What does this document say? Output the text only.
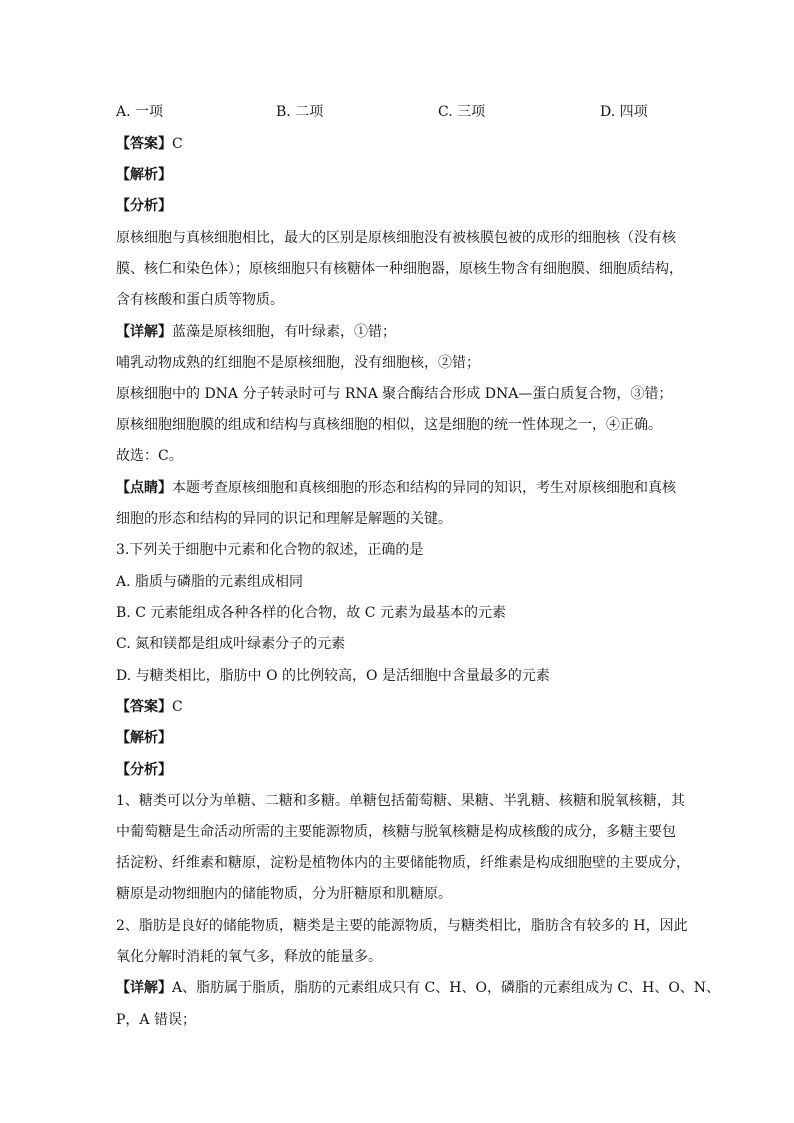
A. 一项	B. 二项	C. 三项	D. 四项
【答案】C
【解析】
【分析】
原核细胞与真核细胞相比，最大的区别是原核细胞没有被核膜包被的成形的细胞核（没有核
膜、核仁和染色体）；原核细胞只有核糖体一种细胞器，原核生物含有细胞膜、细胞质结构，
含有核酸和蛋白质等物质。
【详解】蓝藻是原核细胞，有叶绿素，①错；
哺乳动物成熟的红细胞不是原核细胞，没有细胞核，②错；
原核细胞中的 DNA 分子转录时可与 RNA 聚合酶结合形成 DNA—蛋白质复合物，③错；
原核细胞细胞膜的组成和结构与真核细胞的相似，这是细胞的统一性体现之一，④正确。
故选：C。
【点睛】本题考查原核细胞和真核细胞的形态和结构的异同的知识，考生对原核细胞和真核
细胞的形态和结构的异同的识记和理解是解题的关键。
3.下列关于细胞中元素和化合物的叙述，正确的是
A. 脂质与磷脂的元素组成相同
B. C 元素能组成各种各样的化合物，故 C 元素为最基本的元素
C. 氮和镁都是组成叶绿素分子的元素
D. 与糖类相比，脂肪中 O 的比例较高，O 是活细胞中含量最多的元素
【答案】C
【解析】
【分析】
1、糖类可以分为单糖、二糖和多糖。单糖包括葡萄糖、果糖、半乳糖、核糖和脱氧核糖，其
中葡萄糖是生命活动所需的主要能源物质，核糖与脱氧核糖是构成核酸的成分，多糖主要包
括淀粉、纤维素和糖原，淀粉是植物体内的主要储能物质，纤维素是构成细胞壁的主要成分，
糖原是动物细胞内的储能物质，分为肝糖原和肌糖原。
2、脂肪是良好的储能物质，糖类是主要的能源物质，与糖类相比，脂肪含有较多的 H，因此
氧化分解时消耗的氧气多，释放的能量多。
【详解】A、脂肪属于脂质，脂肪的元素组成只有 C、H、O，磷脂的元素组成为 C、H、O、N、
P，A 错误；
